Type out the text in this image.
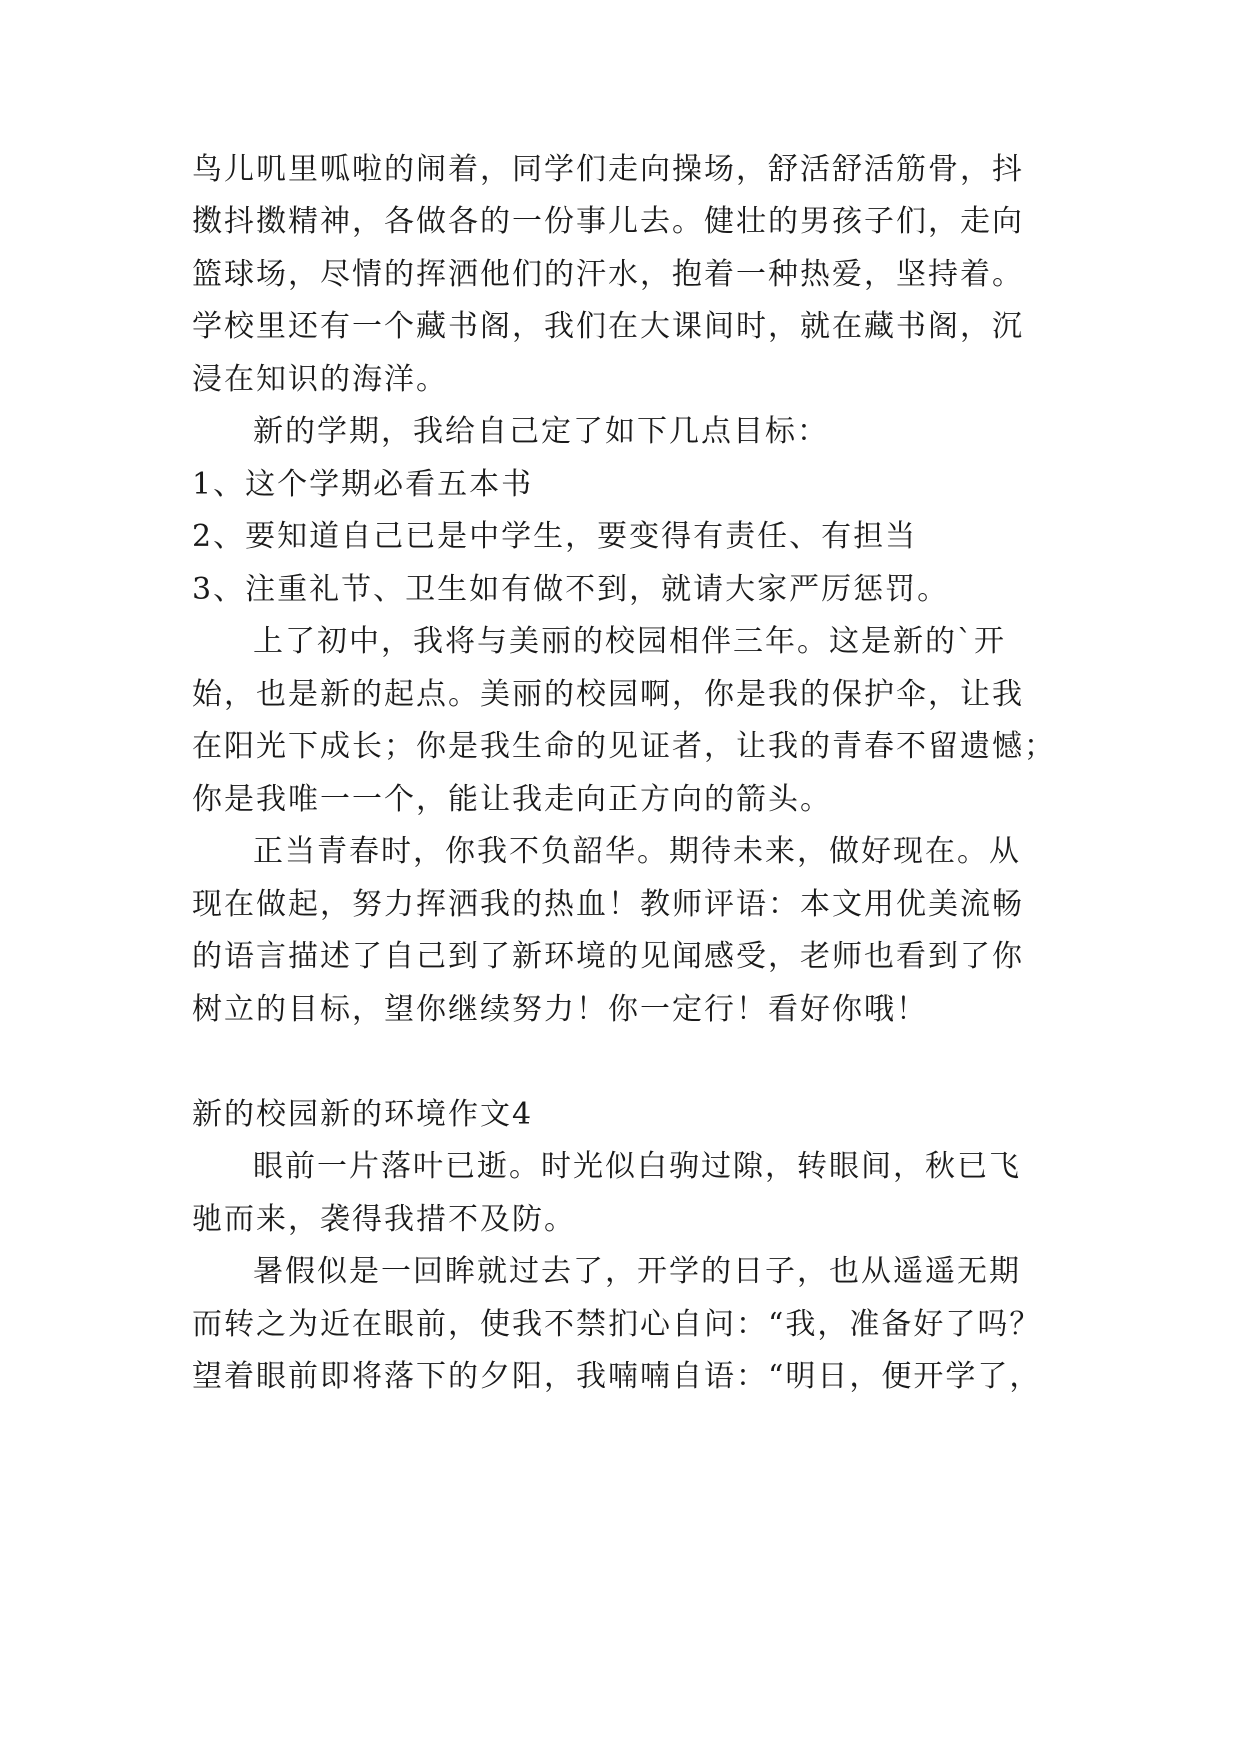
鸟儿叽里呱啦的闹着，同学们走向操场，舒活舒活筋骨，抖
擞抖擞精神，各做各的一份事儿去。健壮的男孩子们，走向
篮球场，尽情的挥洒他们的汗水，抱着一种热爱，坚持着。
学校里还有一个藏书阁，我们在大课间时，就在藏书阁，沉
浸在知识的海洋。
新的学期，我给自己定了如下几点目标：
1、这个学期必看五本书
2、要知道自己已是中学生，要变得有责任、有担当
3、注重礼节、卫生如有做不到，就请大家严厉惩罚。
上了初中，我将与美丽的校园相伴三年。这是新的`开
始，也是新的起点。美丽的校园啊，你是我的保护伞，让我
在阳光下成长；你是我生命的见证者，让我的青春不留遗憾；
你是我唯一一个，能让我走向正方向的箭头。
正当青春时，你我不负韶华。期待未来，做好现在。从
现在做起，努力挥洒我的热血！教师评语：本文用优美流畅
的语言描述了自己到了新环境的见闻感受，老师也看到了你
树立的目标，望你继续努力！你一定行！看好你哦！
新的校园新的环境作文4
眼前一片落叶已逝。时光似白驹过隙，转眼间，秋已飞
驰而来，袭得我措不及防。
暑假似是一回眸就过去了，开学的日子，也从遥遥无期
而转之为近在眼前，使我不禁扪心自问：“我，准备好了吗？
望着眼前即将落下的夕阳，我喃喃自语：“明日，便开学了，
